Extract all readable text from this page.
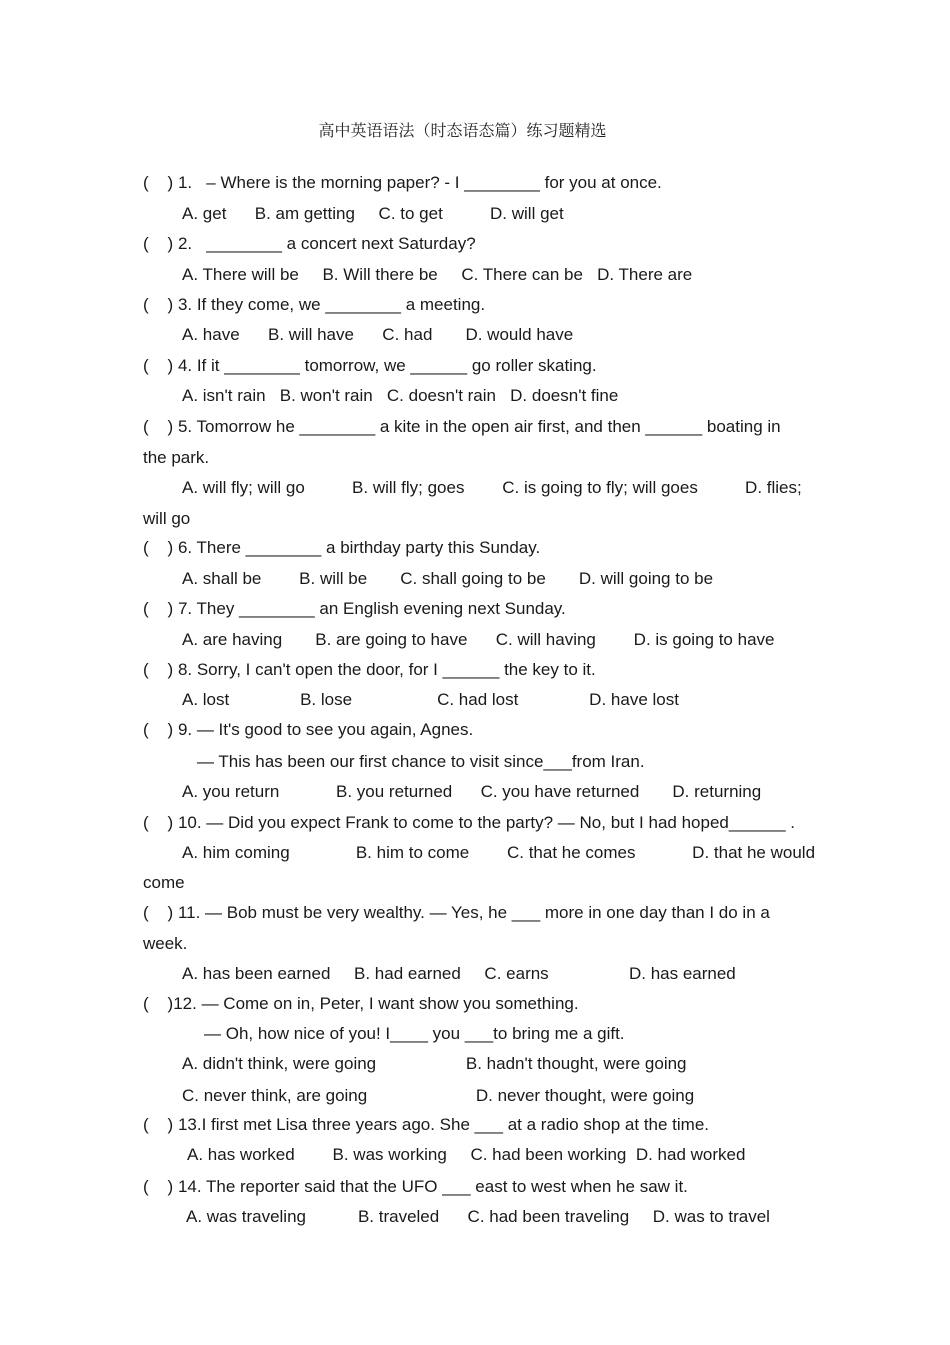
高中英语语法（时态语态篇）练习题精选
(    ) 1.   – Where is the morning paper? - I ________ for you at once.
A. get      B. am getting     C. to get          D. will get
(    ) 2.   ________ a concert next Saturday?
A. There will be     B. Will there be     C. There can be   D. There are
(    ) 3. If they come, we ________ a meeting.
A. have      B. will have      C. had       D. would have
(    ) 4. If it ________ tomorrow, we ______ go roller skating.
A. isn't rain   B. won't rain   C. doesn't rain   D. doesn't fine
(    ) 5. Tomorrow he ________ a kite in the open air first, and then ______ boating in
the park.
A. will fly; will go          B. will fly; goes        C. is going to fly; will goes          D. flies;
will go
(    ) 6. There ________ a birthday party this Sunday.
A. shall be        B. will be       C. shall going to be       D. will going to be
(    ) 7. They ________ an English evening next Sunday.
A. are having       B. are going to have      C. will having        D. is going to have
(    ) 8. Sorry, I can't open the door, for I ______ the key to it.
A. lost               B. lose                  C. had lost               D. have lost
(    ) 9. — It's good to see you again, Agnes.
— This has been our first chance to visit since___from Iran.
A. you return            B. you returned      C. you have returned       D. returning
(    ) 10. — Did you expect Frank to come to the party? — No, but I had hoped______ .
A. him coming              B. him to come        C. that he comes            D. that he would
come
(    ) 11. — Bob must be very wealthy. — Yes, he ___ more in one day than I do in a
week.
A. has been earned     B. had earned     C. earns                 D. has earned
(    )12. — Come on in, Peter, I want show you something.
— Oh, how nice of you! I____ you ___to bring me a gift.
A. didn't think, were going                   B. hadn't thought, were going
C. never think, are going                       D. never thought, were going
(    ) 13.I first met Lisa three years ago. She ___ at a radio shop at the time.
A. has worked        B. was working     C. had been working  D. had worked
(    ) 14. The reporter said that the UFO ___ east to west when he saw it.
A. was traveling           B. traveled      C. had been traveling     D. was to travel
